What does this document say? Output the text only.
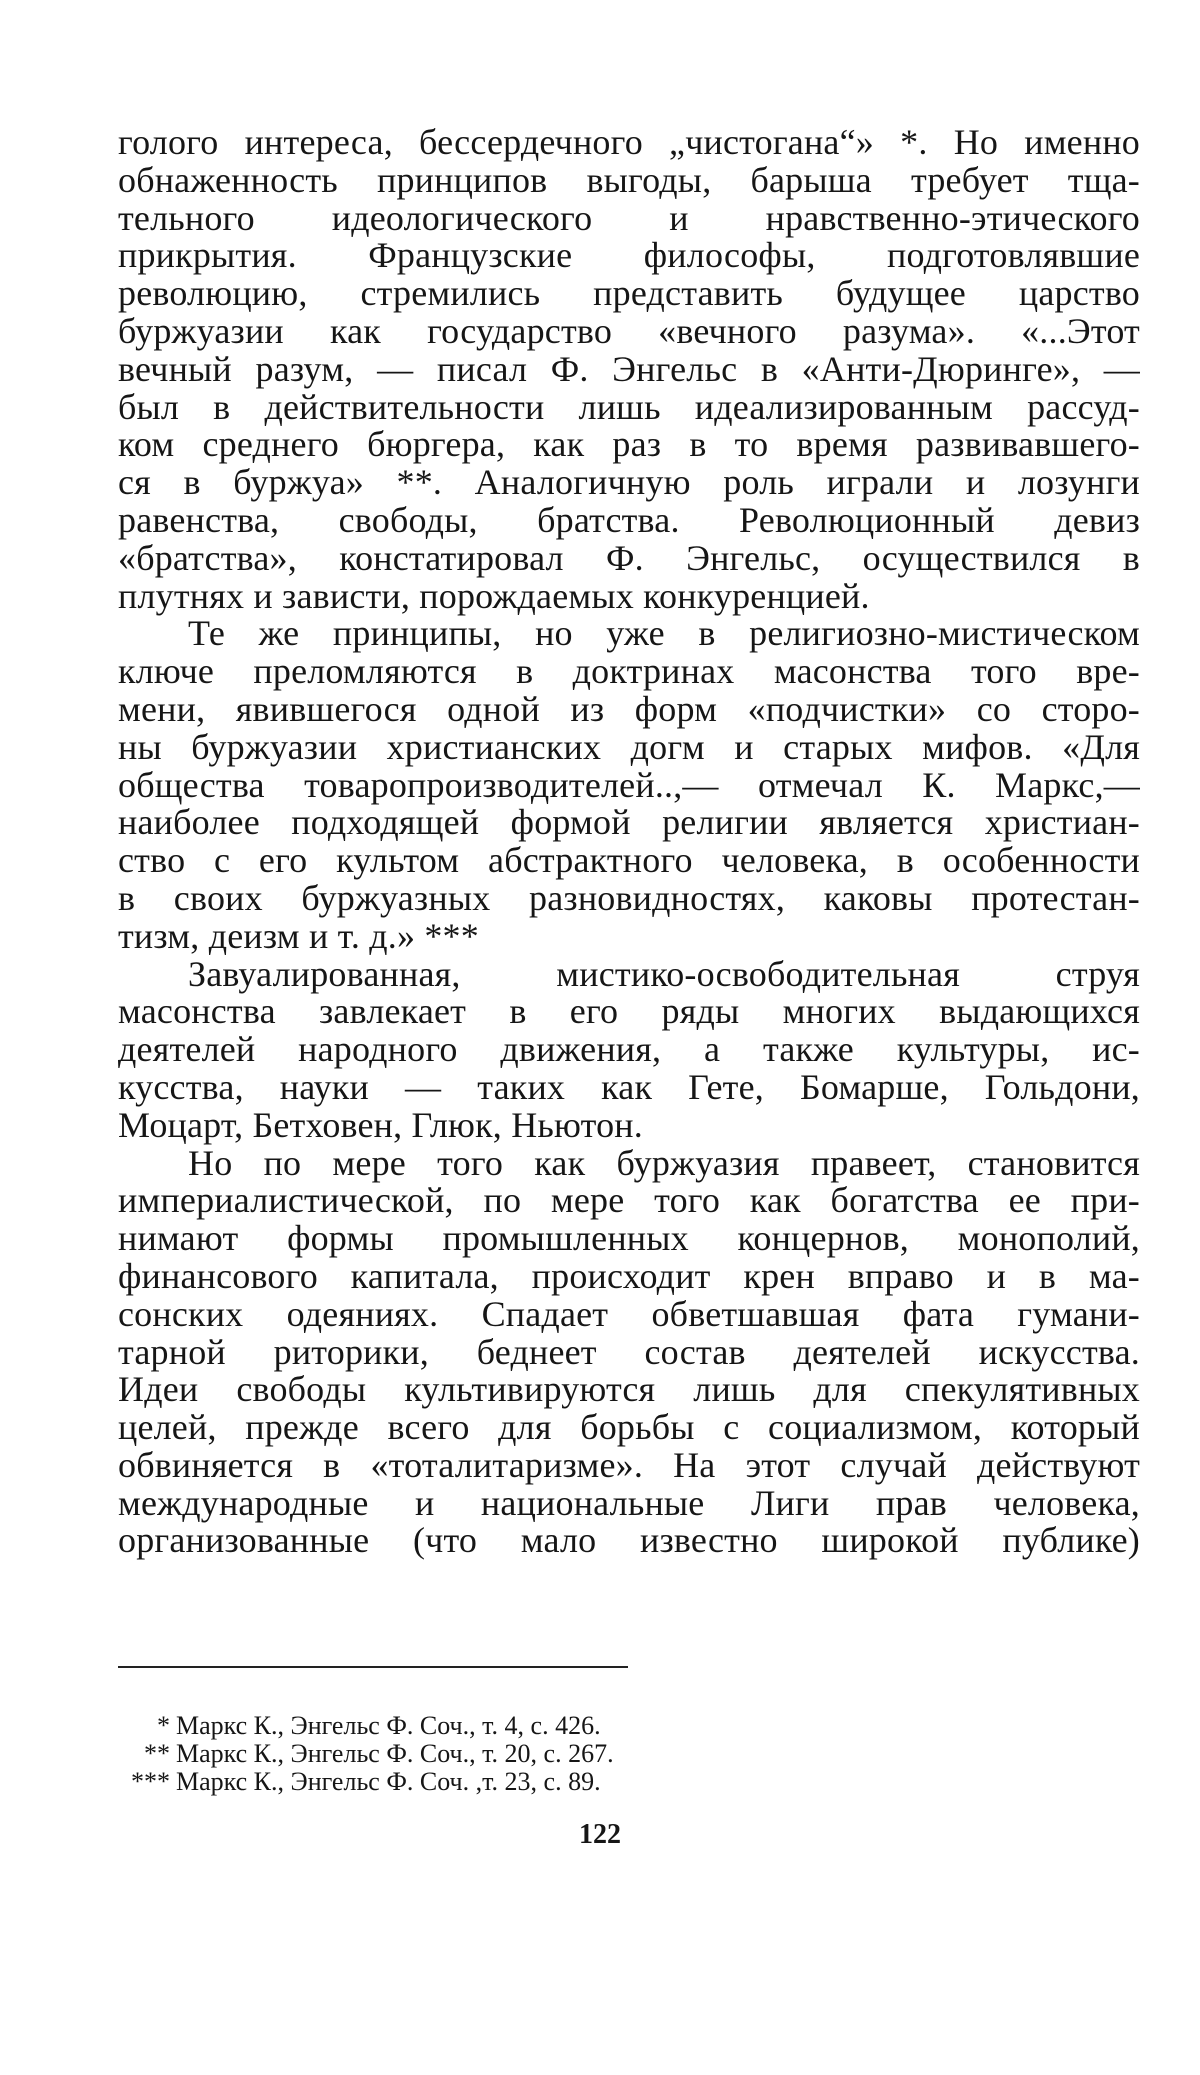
голого интереса, бессердечного „чистогана“» *. Но именно
обнаженность принципов выгоды, барыша требует тща-
тельного идеологического и нравственно-этического
прикрытия. Французские философы, подготовлявшие
революцию, стремились представить будущее царство
буржуазии как государство «вечного разума». «...Этот
вечный разум, — писал Ф. Энгельс в «Анти-Дюринге», —
был в действительности лишь идеализированным рассуд-
ком среднего бюргера, как раз в то время развивавшего-
ся в буржуа» **. Аналогичную роль играли и лозунги
равенства, свободы, братства. Революционный девиз
«братства», констатировал Ф. Энгельс, осуществился в
плутнях и зависти, порождаемых конкуренцией.
Те же принципы, но уже в религиозно-мистическом
ключе преломляются в доктринах масонства того вре-
мени, явившегося одной из форм «подчистки» со сторо-
ны буржуазии христианских догм и старых мифов. «Для
общества товаропроизводителей..,— отмечал К. Маркс,—
наиболее подходящей формой религии является христиан-
ство с его культом абстрактного человека, в особенности
в своих буржуазных разновидностях, каковы протестан-
тизм, деизм и т. д.» ***
Завуалированная, мистико-освободительная струя
масонства завлекает в его ряды многих выдающихся
деятелей народного движения, а также культуры, ис-
кусства, науки — таких как Гете, Бомарше, Гольдони,
Моцарт, Бетховен, Глюк, Ньютон.
Но по мере того как буржуазия правеет, становится
империалистической, по мере того как богатства ее при-
нимают формы промышленных концернов, монополий,
финансового капитала, происходит крен вправо и в ма-
сонских одеяниях. Спадает обветшавшая фата гумани-
тарной риторики, беднеет состав деятелей искусства.
Идеи свободы культивируются лишь для спекулятивных
целей, прежде всего для борьбы с социализмом, который
обвиняется в «тоталитаризме». На этот случай действуют
международные и национальные Лиги прав человека,
организованные (что мало известно широкой публике)
* Маркс К., Энгельс Ф. Соч., т. 4, с. 426.
** Маркс К., Энгельс Ф. Соч., т. 20, с. 267.
*** Маркс К., Энгельс Ф. Соч. ,т. 23, с. 89.
122
